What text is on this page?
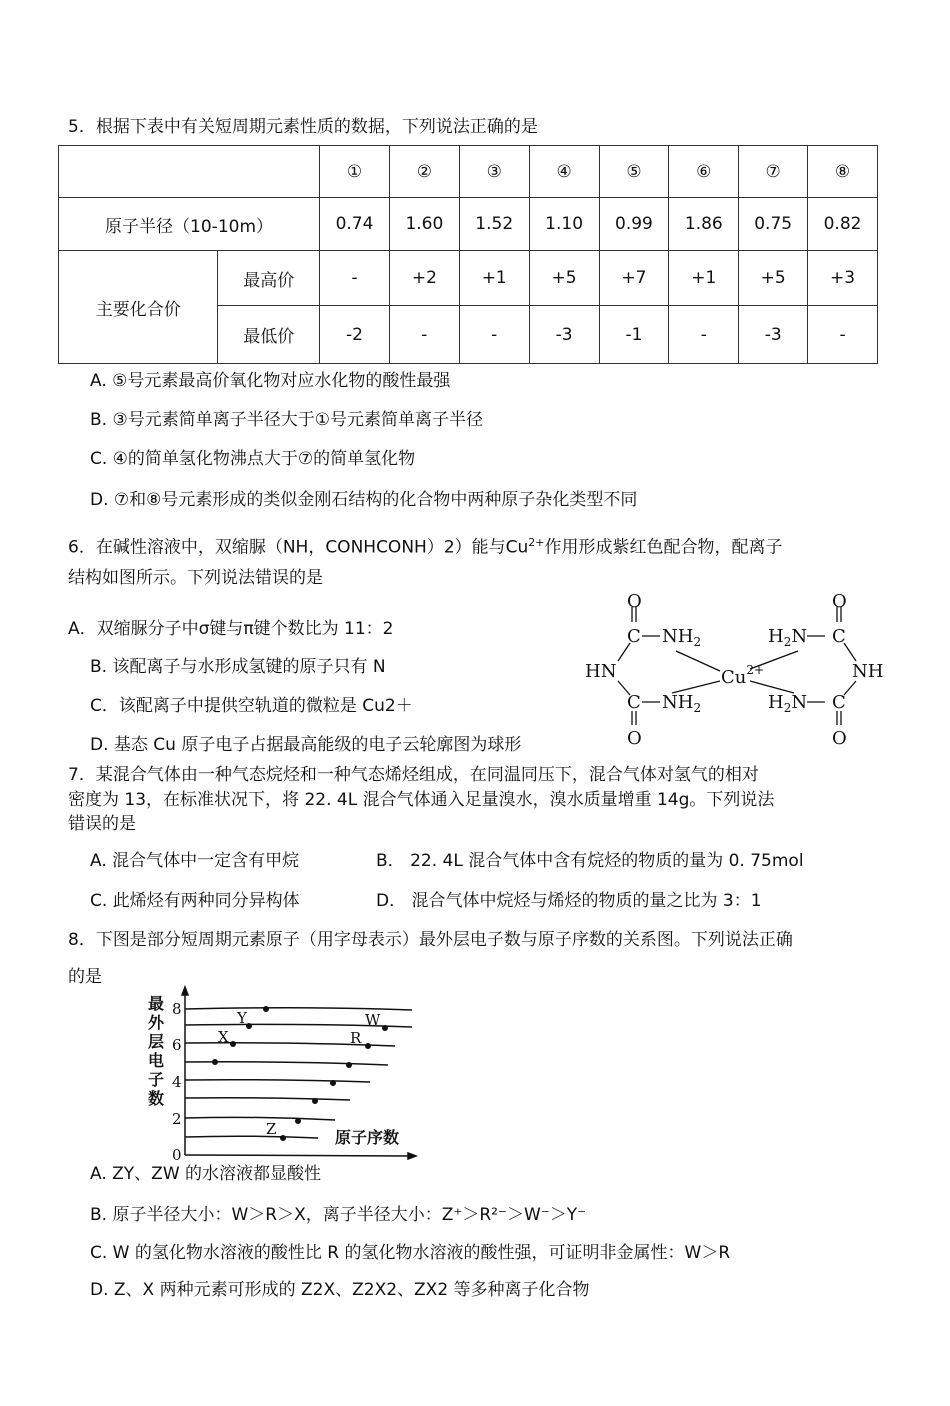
5．根据下表中有关短周期元素性质的数据，下列说法正确的是
		①	②	③	④	⑤	⑥	⑦	⑧
原子半径（10-10m）		0.74	1.60	1.52	1.10	0.99	1.86	0.75	0.82
主要化合价	最高价	-	+2	+1	+5	+7	+1	+5	+3
	最低价	-2	-	-	-3	-1	-	-3	-
A. ⑤号元素最高价氧化物对应水化物的酸性最强
B. ③号元素简单离子半径大于①号元素简单离子半径
C. ④的简单氢化物沸点大于⑦的简单氢化物
D. ⑦和⑧号元素形成的类似金刚石结构的化合物中两种原子杂化类型不同
6．在碱性溶液中，双缩脲（NH，CONHCONH）2）能与$Cu^{2+}$作用形成紫红色配合物，配离子
结构如图所示。下列说法错误的是
A．双缩脲分子中σ键与π键个数比为 11：2
B. 该配离子与水形成氢键的原子只有 N
C．该配离子中提供空轨道的微粒是 Cu2＋
D. 基态 Cu 原子电子占据最高能级的电子云轮廓图为球形
O
C $NH_2$
HN
C $NH_2$
O
$Cu^{2+}$
$H_2N$ C
O
NH
$H_2N$ C
O
7．某混合气体由一种气态烷烃和一种气态烯烃组成，在同温同压下，混合气体对氢气的相对
密度为 13，在标准状况下，将 22. 4L 混合气体通入足量溴水，溴水质量增重 14g。下列说法
错误的是
A. 混合气体中一定含有甲烷	B． 22. 4L 混合气体中含有烷烃的物质的量为 0. 75mol
C. 此烯烃有两种同分异构体	D． 混合气体中烷烃与烯烃的物质的量之比为 3：1
8．下图是部分短周期元素原子（用字母表示）最外层电子数与原子序数的关系图。下列说法正确
的是
0
2
4
6
8	Y
X
Z
W
R
最
外
层
电
子
数
原子序数
A. ZY、ZW 的水溶液都显酸性
B. 原子半径大小：W＞R＞X，离子半径大小：Z⁺＞R²⁻＞W⁻＞Y⁻
C. W 的氢化物水溶液的酸性比 R 的氢化物水溶液的酸性强，可证明非金属性：W＞R
D. Z、X 两种元素可形成的 Z2X、Z2X2、ZX2 等多种离子化合物
